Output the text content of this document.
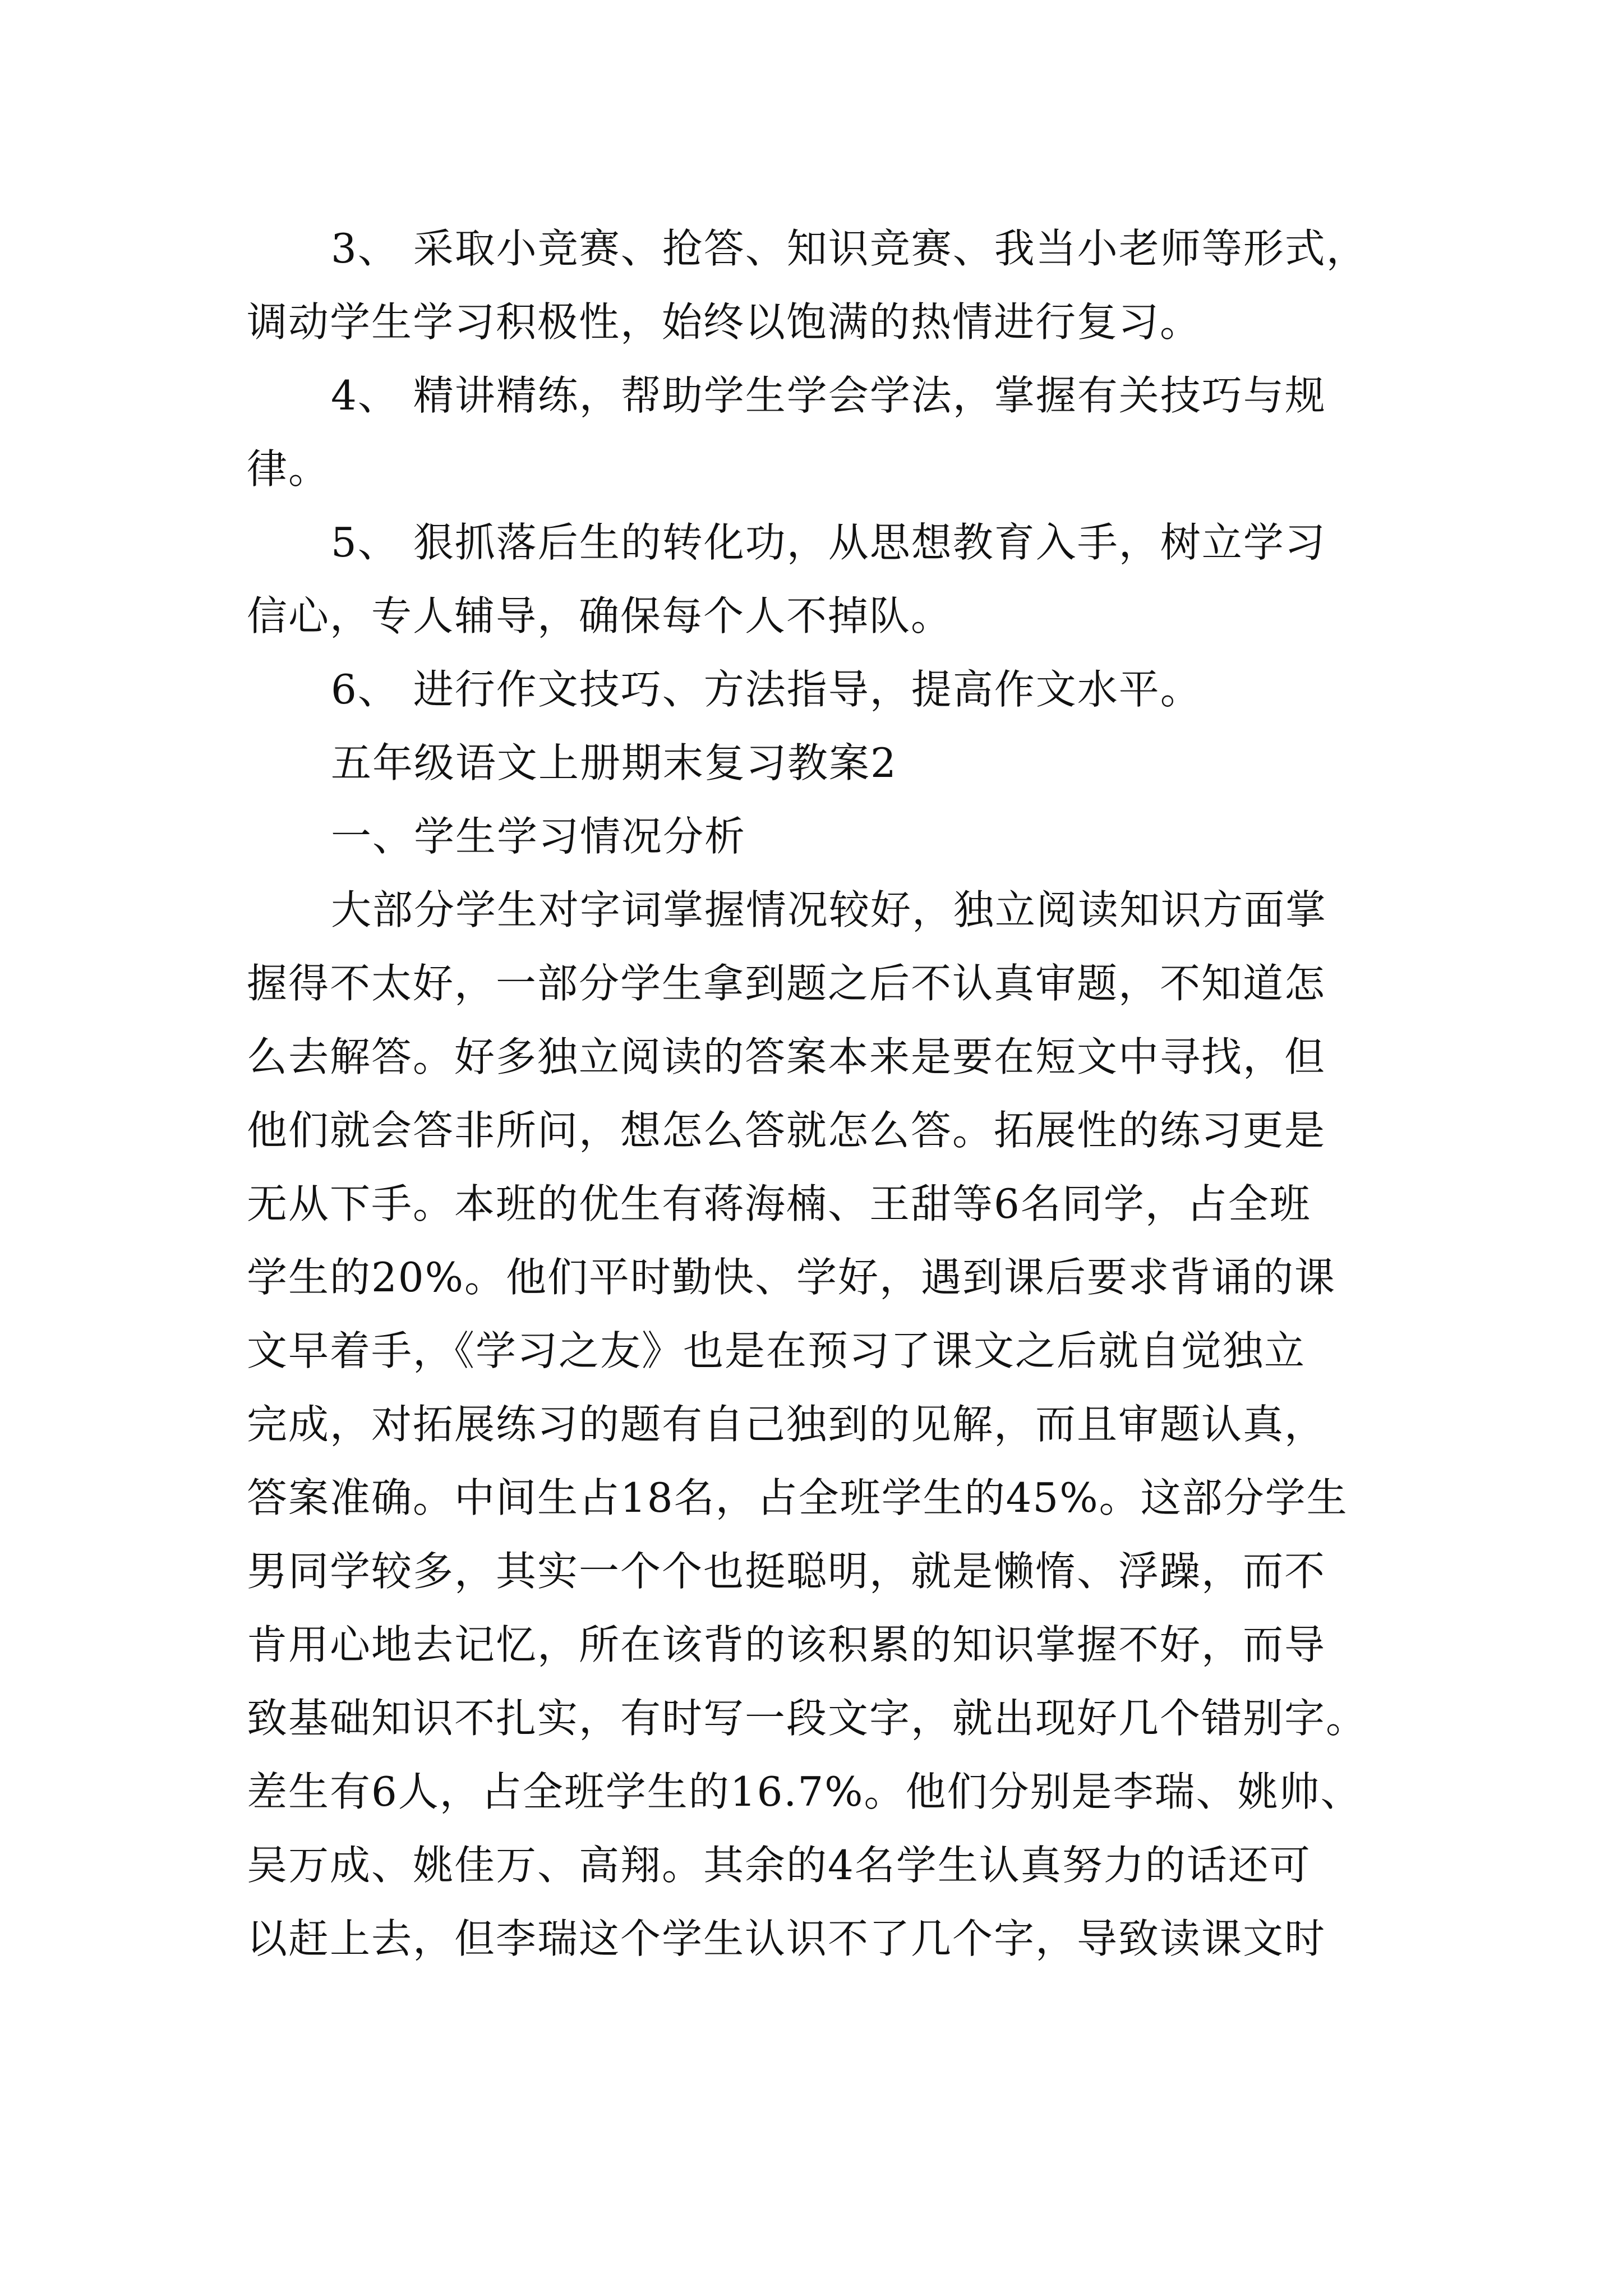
3、 采取小竞赛、抢答、知识竞赛、我当小老师等形式，
调动学生学习积极性，始终以饱满的热情进行复习。
4、 精讲精练，帮助学生学会学法，掌握有关技巧与规
律。
5、 狠抓落后生的转化功，从思想教育入手，树立学习
信心，专人辅导，确保每个人不掉队。
6、 进行作文技巧、方法指导，提高作文水平。
五年级语文上册期末复习教案2
一、学生学习情况分析
大部分学生对字词掌握情况较好，独立阅读知识方面掌
握得不太好，一部分学生拿到题之后不认真审题，不知道怎
么去解答。好多独立阅读的答案本来是要在短文中寻找，但
他们就会答非所问，想怎么答就怎么答。拓展性的练习更是
无从下手。本班的优生有蒋海楠、王甜等6名同学，占全班
学生的20%。他们平时勤快、学好，遇到课后要求背诵的课
文早着手，《学习之友》也是在预习了课文之后就自觉独立
完成，对拓展练习的题有自己独到的见解，而且审题认真，
答案准确。中间生占18名，占全班学生的45%。这部分学生
男同学较多，其实一个个也挺聪明，就是懒惰、浮躁，而不
肯用心地去记忆，所在该背的该积累的知识掌握不好，而导
致基础知识不扎实，有时写一段文字，就出现好几个错别字。
差生有6人，占全班学生的16.7%。他们分别是李瑞、姚帅、
吴万成、姚佳万、高翔。其余的4名学生认真努力的话还可
以赶上去，但李瑞这个学生认识不了几个字，导致读课文时
